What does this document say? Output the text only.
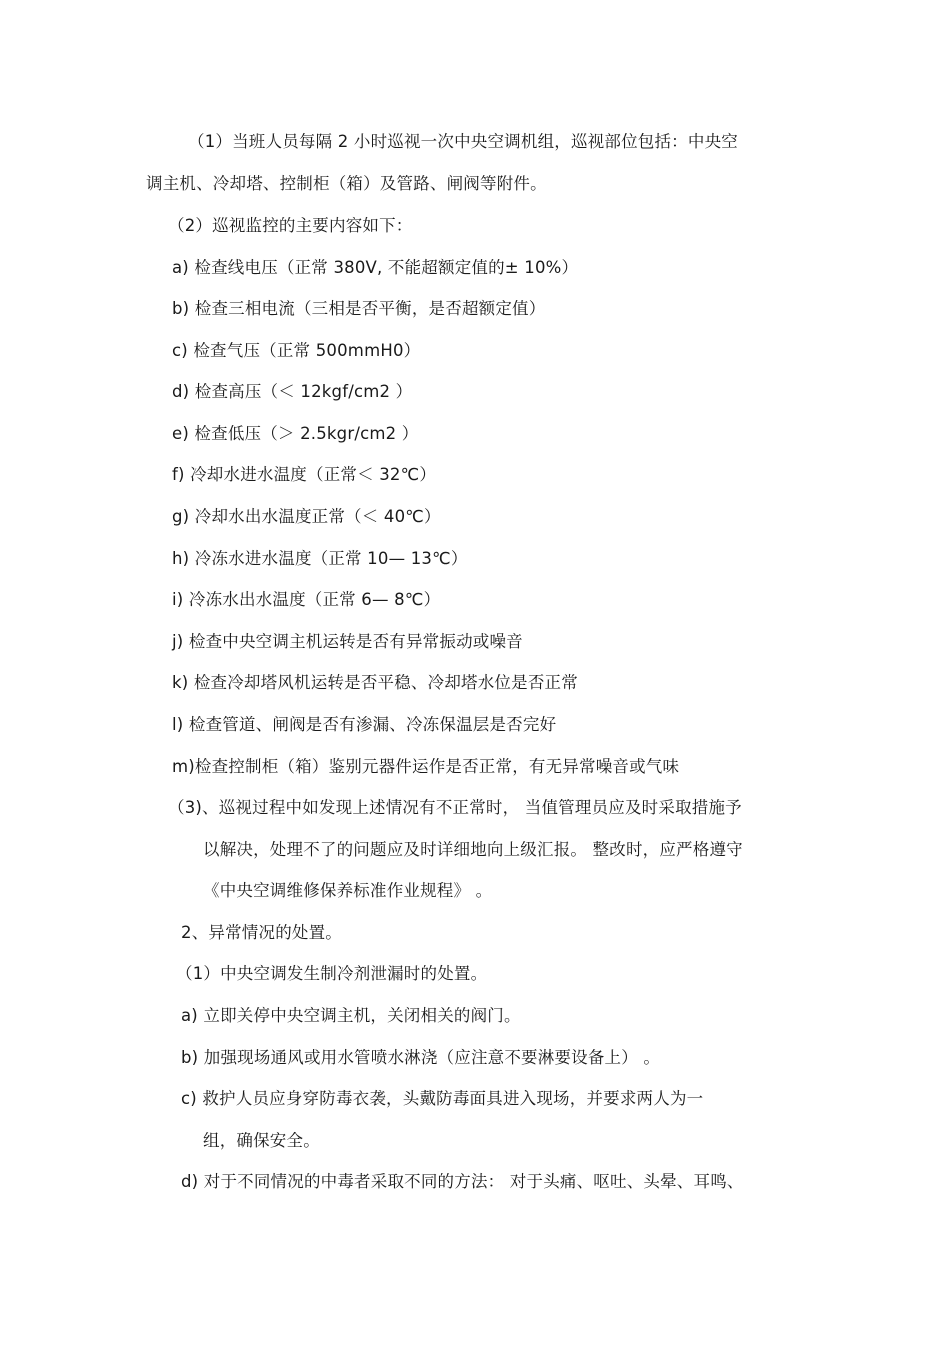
（1）当班人员每隔 2 小时巡视一次中央空调机组，巡视部位包括：中央空
调主机、冷却塔、控制柜（箱）及管路、闸阀等附件。
（2）巡视监控的主要内容如下：
a) 检查线电压（正常 380V, 不能超额定值的± 10%）
b) 检查三相电流（三相是否平衡，是否超额定值）
c) 检查气压（正常 500mmH0）
d) 检查高压（＜ 12kgf/cm2 ）
e) 检查低压（＞ 2.5kgr/cm2 ）
f) 冷却水进水温度（正常＜ 32℃）
g) 冷却水出水温度正常（＜ 40℃）
h) 冷冻水进水温度（正常 10— 13℃）
i) 冷冻水出水温度（正常 6— 8℃）
j) 检查中央空调主机运转是否有异常振动或噪音
k) 检查冷却塔风机运转是否平稳、冷却塔水位是否正常
l) 检查管道、闸阀是否有渗漏、冷冻保温层是否完好
m)检查控制柜（箱）鉴别元器件运作是否正常，有无异常噪音或气味
（3)、巡视过程中如发现上述情况有不正常时， 当值管理员应及时采取措施予
以解决，处理不了的问题应及时详细地向上级汇报。 整改时，应严格遵守
《中央空调维修保养标准作业规程》 。
2、异常情况的处置。
（1）中央空调发生制冷剂泄漏时的处置。
a) 立即关停中央空调主机，关闭相关的阀门。
b) 加强现场通风或用水管喷水淋浇（应注意不要淋要设备上） 。
c) 救护人员应身穿防毒衣袭，头戴防毒面具进入现场，并要求两人为一
组，确保安全。
d) 对于不同情况的中毒者采取不同的方法： 对于头痛、呕吐、头晕、耳鸣、
